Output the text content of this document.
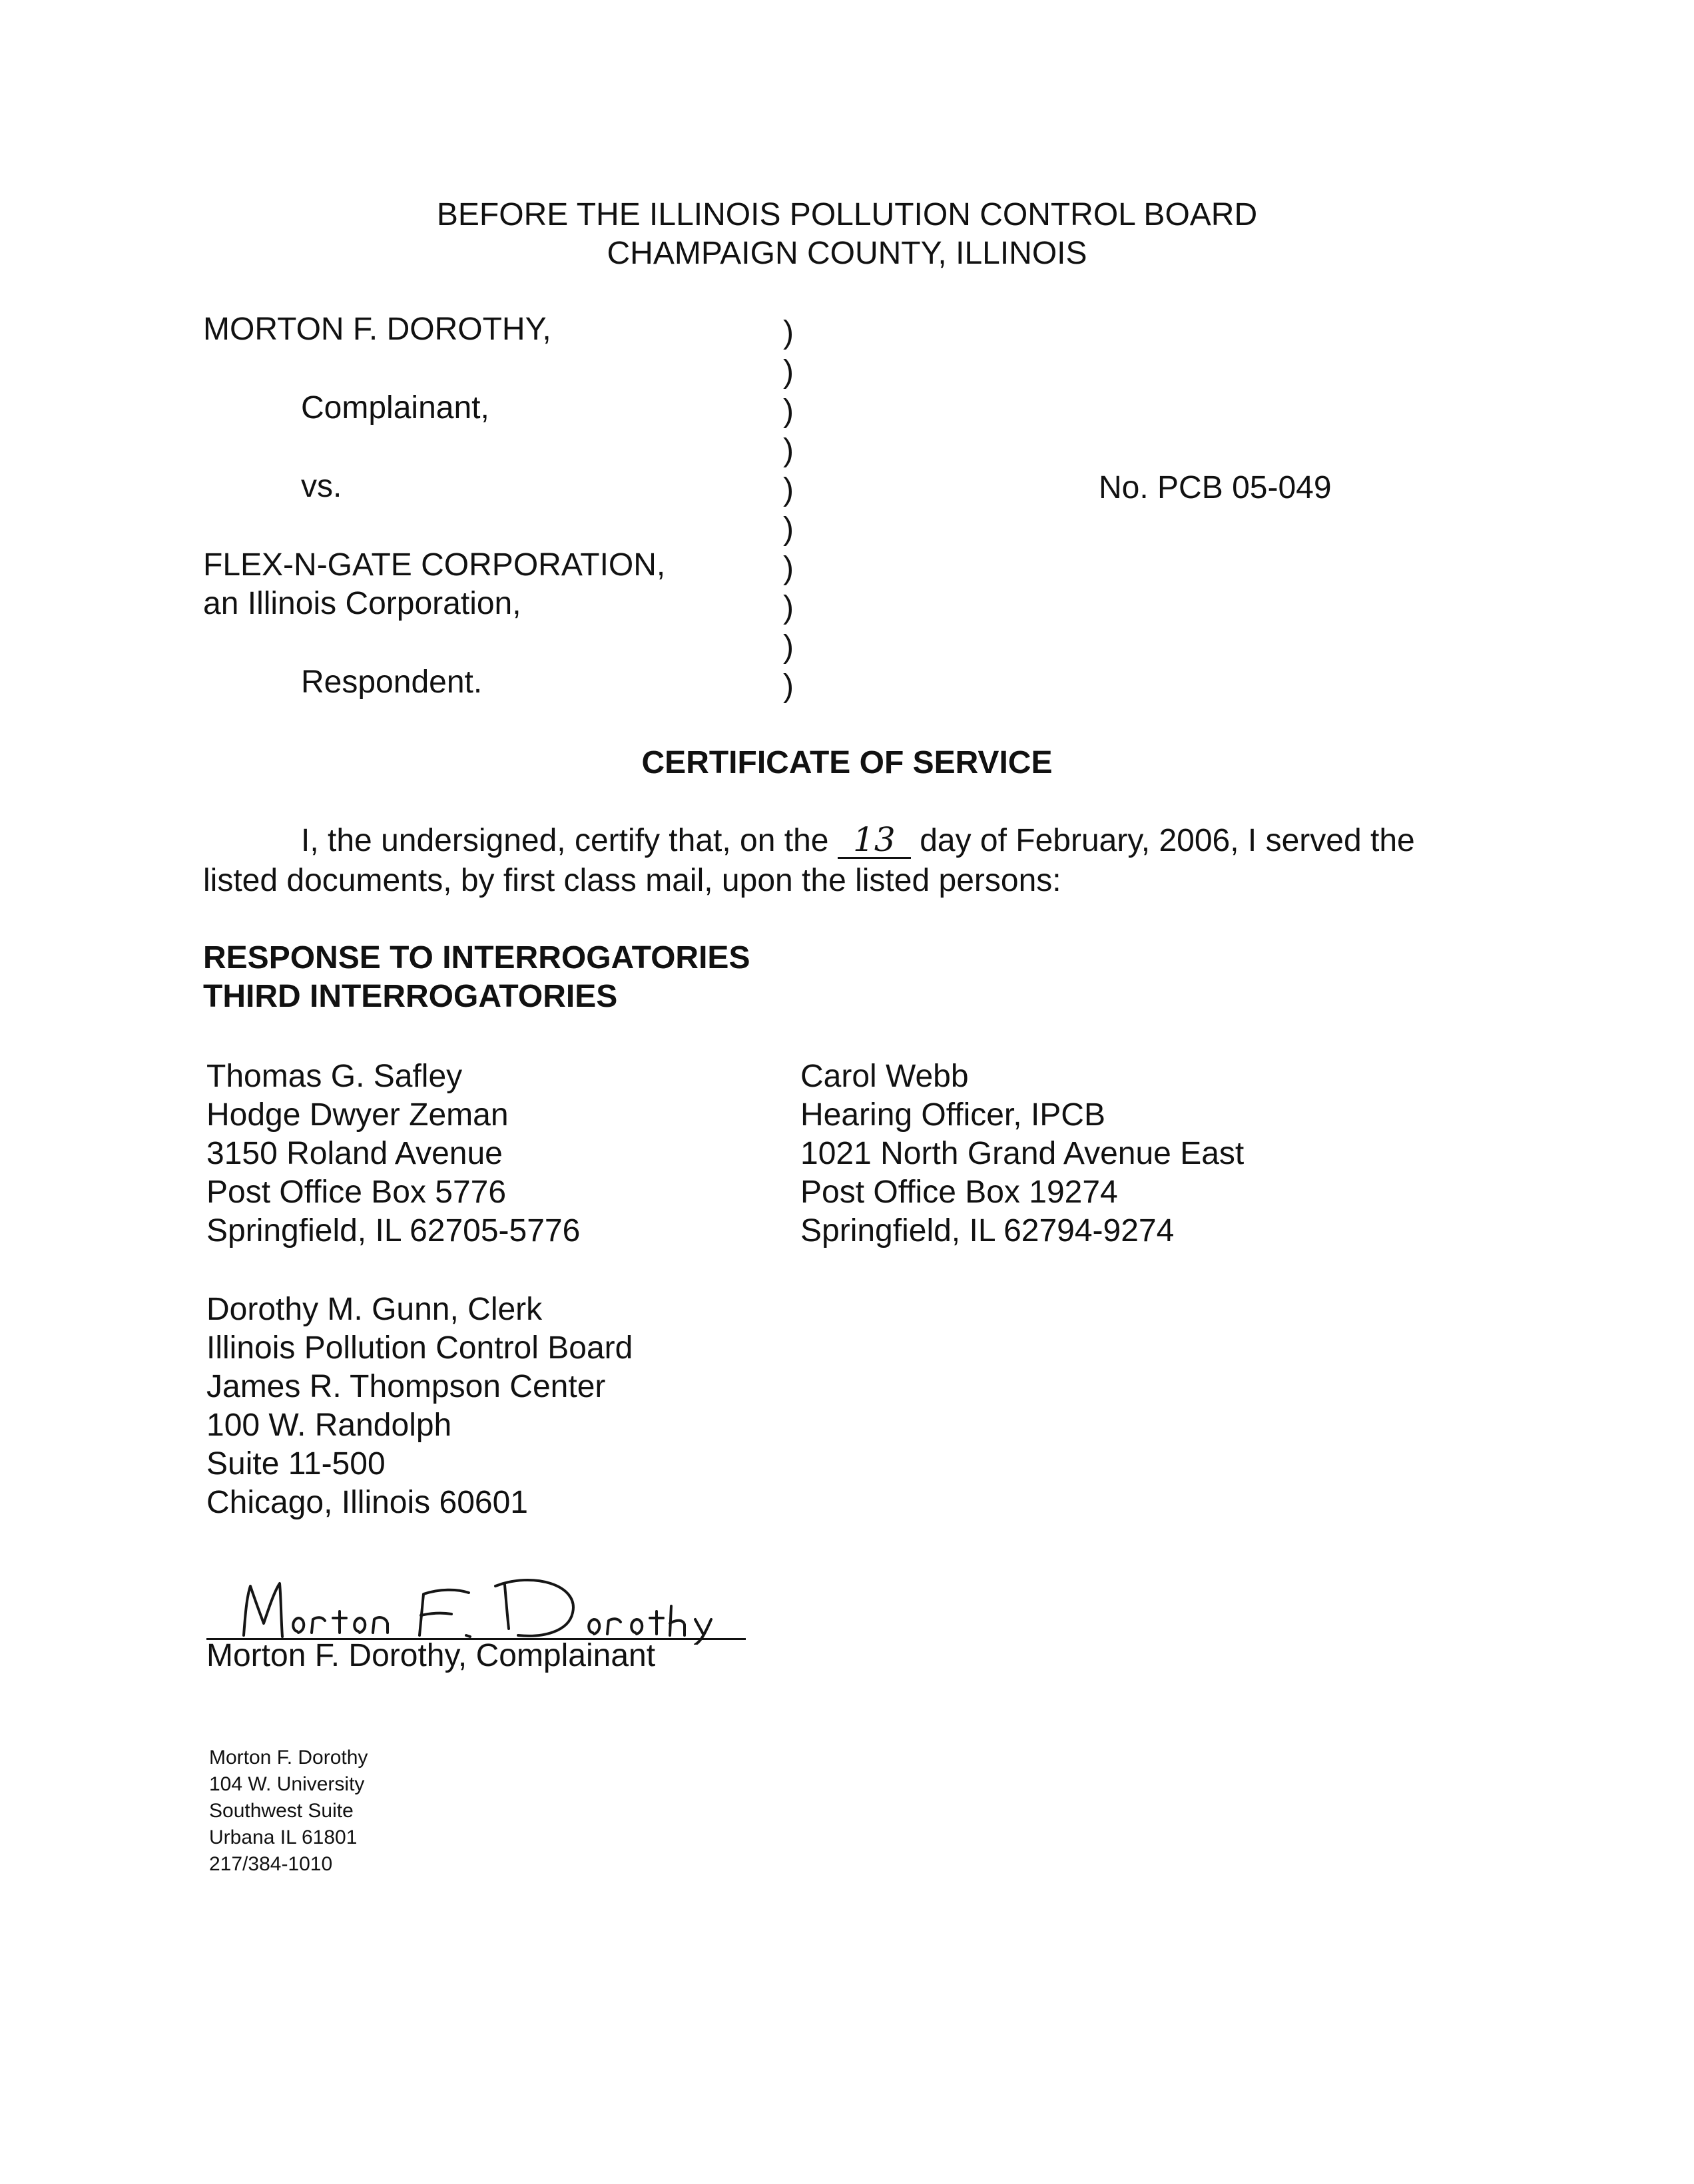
BEFORE THE ILLINOIS POLLUTION CONTROL BOARD
CHAMPAIGN COUNTY, ILLINOIS
MORTON F. DOROTHY,
Complainant,
vs.
FLEX-N-GATE CORPORATION,
an Illinois Corporation,
Respondent.
)
)
)
)
)
)
)
)
)
)
No. PCB 05-049
CERTIFICATE OF SERVICE
I, the undersigned, certify that, on the 13 day of February, 2006, I served the
listed documents, by first class mail, upon the listed persons:
RESPONSE TO INTERROGATORIES
THIRD INTERROGATORIES
Thomas G. Safley
Hodge Dwyer Zeman
3150 Roland Avenue
Post Office Box 5776
Springfield, IL 62705-5776
Carol Webb
Hearing Officer, IPCB
1021 North Grand Avenue East
Post Office Box 19274
Springfield, IL 62794-9274
Dorothy M. Gunn, Clerk
Illinois Pollution Control Board
James R. Thompson Center
100 W. Randolph
Suite 11-500
Chicago, Illinois 60601
Morton F. Dorothy, Complainant
Morton F. Dorothy
104 W. University
Southwest Suite
Urbana IL 61801
217/384-1010
